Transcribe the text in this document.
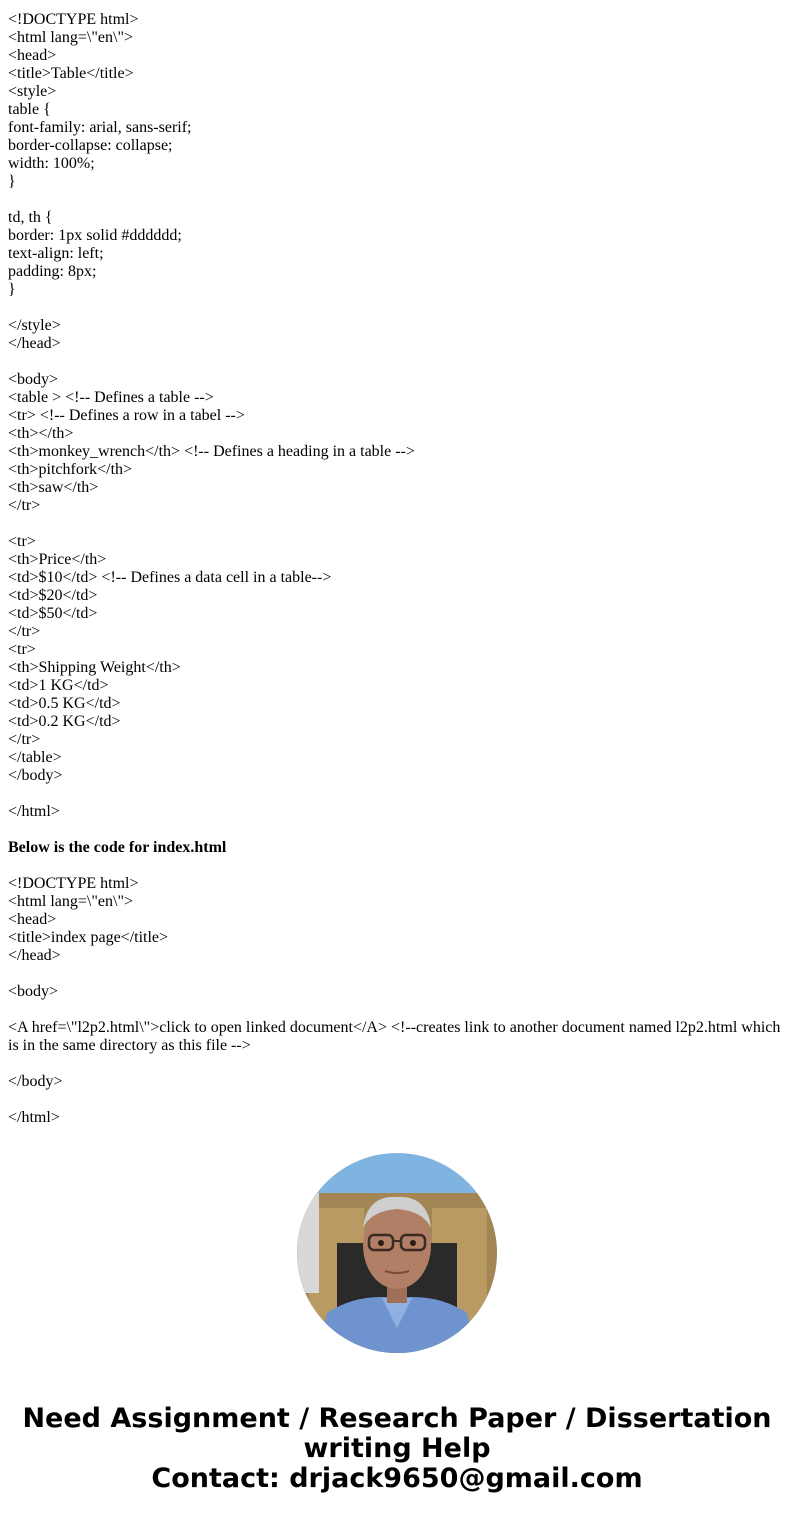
<!DOCTYPE html>
<html lang=\"en\">
<head>
<title>Table</title>
<style>
table {
font-family: arial, sans-serif;
border-collapse: collapse;
width: 100%;
}
td, th {
border: 1px solid #dddddd;
text-align: left;
padding: 8px;
}
</style>
</head>
<body>
<table > <!-- Defines a table -->
<tr> <!-- Defines a row in a tabel -->
<th></th>
<th>monkey_wrench</th> <!-- Defines a heading in a table -->
<th>pitchfork</th>
<th>saw</th>
</tr>
<tr>
<th>Price</th>
<td>$10</td> <!-- Defines a data cell in a table-->
<td>$20</td>
<td>$50</td>
</tr>
<tr>
<th>Shipping Weight</th>
<td>1 KG</td>
<td>0.5 KG</td>
<td>0.2 KG</td>
</tr>
</table>
</body>
</html>
Below is the code for index.html
<!DOCTYPE html>
<html lang=\"en\">
<head>
<title>index page</title>
</head>
<body>
<A href=\"l2p2.html\">click to open linked document</A> <!--creates link to another document named l2p2.html which is in the same directory as this file -->
</body>
</html>
Need Assignment / Research Paper / Dissertation
writing Help
Contact: drjack9650@gmail.com
